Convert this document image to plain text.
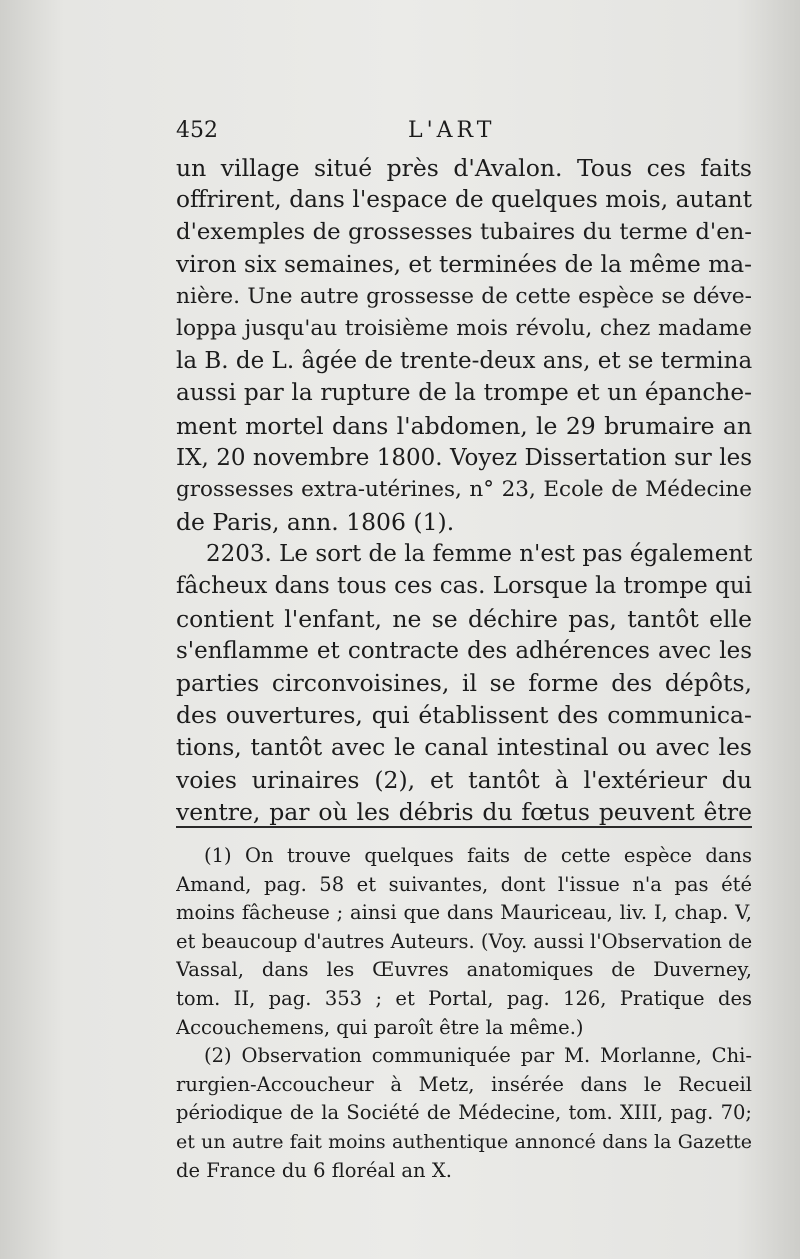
452	L'ART
un village situé près d'Avalon. Tous ces faits
offrirent, dans l'espace de quelques mois, autant
d'exemples de grossesses tubaires du terme d'en-
viron six semaines, et terminées de la même ma-
nière. Une autre grossesse de cette espèce se déve-
loppa jusqu'au troisième mois révolu, chez madame
la B. de L. âgée de trente-deux ans, et se termina
aussi par la rupture de la trompe et un épanche-
ment mortel dans l'abdomen, le 29 brumaire an
IX, 20 novembre 1800. Voyez Dissertation sur les
grossesses extra-utérines, n° 23, Ecole de Médecine
de Paris, ann. 1806 (1).
2203. Le sort de la femme n'est pas également
fâcheux dans tous ces cas. Lorsque la trompe qui
contient l'enfant, ne se déchire pas, tantôt elle
s'enflamme et contracte des adhérences avec les
parties circonvoisines, il se forme des dépôts,
des ouvertures, qui établissent des communica-
tions, tantôt avec le canal intestinal ou avec les
voies urinaires (2), et tantôt à l'extérieur du
ventre, par où les débris du fœtus peuvent être
(1) On trouve quelques faits de cette espèce dans
Amand, pag. 58 et suivantes, dont l'issue n'a pas été
moins fâcheuse ; ainsi que dans Mauriceau, liv. I, chap. V,
et beaucoup d'autres Auteurs. (Voy. aussi l'Observation de
Vassal, dans les Œuvres anatomiques de Duverney,
tom. II, pag. 353 ; et Portal, pag. 126, Pratique des
Accouchemens, qui paroît être la même.)
(2) Observation communiquée par M. Morlanne, Chi-
rurgien-Accoucheur à Metz, insérée dans le Recueil
périodique de la Société de Médecine, tom. XIII, pag. 70;
et un autre fait moins authentique annoncé dans la Gazette
de France du 6 floréal an X.
